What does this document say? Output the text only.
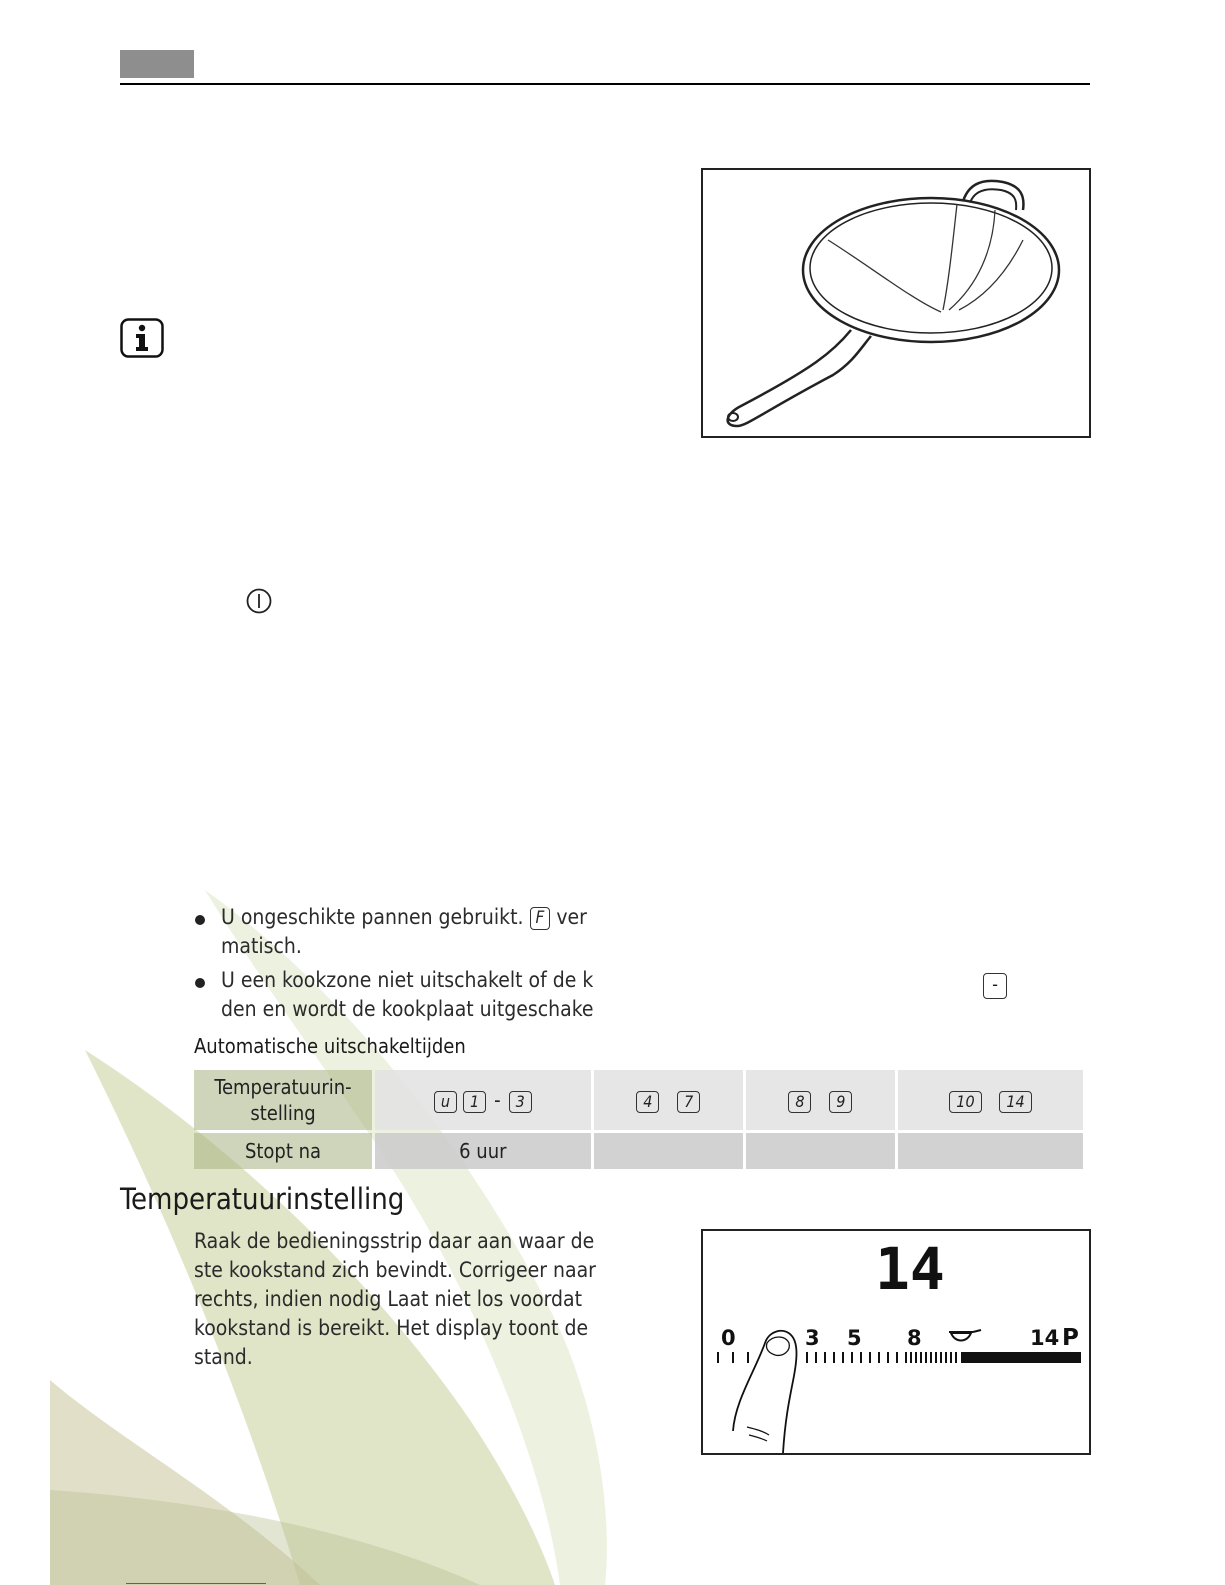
U ongeschikte pannen gebruikt. F ver
matisch.
U een kookzone niet uitschakelt of de k
den en wordt de kookplaat uitgeschake
-
Automatische uitschakeltijden
Temperatuurin-
stelling	u 1 - 3	4 7	8 9	10 14
Stopt na	6 uur			
Temperatuurinstelling
Raak de bedieningsstrip daar aan waar de
ste kookstand zich bevindt. Corrigeer naar
rechts, indien nodig Laat niet los voordat
kookstand is bereikt. Het display toont de
stand.
14
0	3 5 8	14 P
